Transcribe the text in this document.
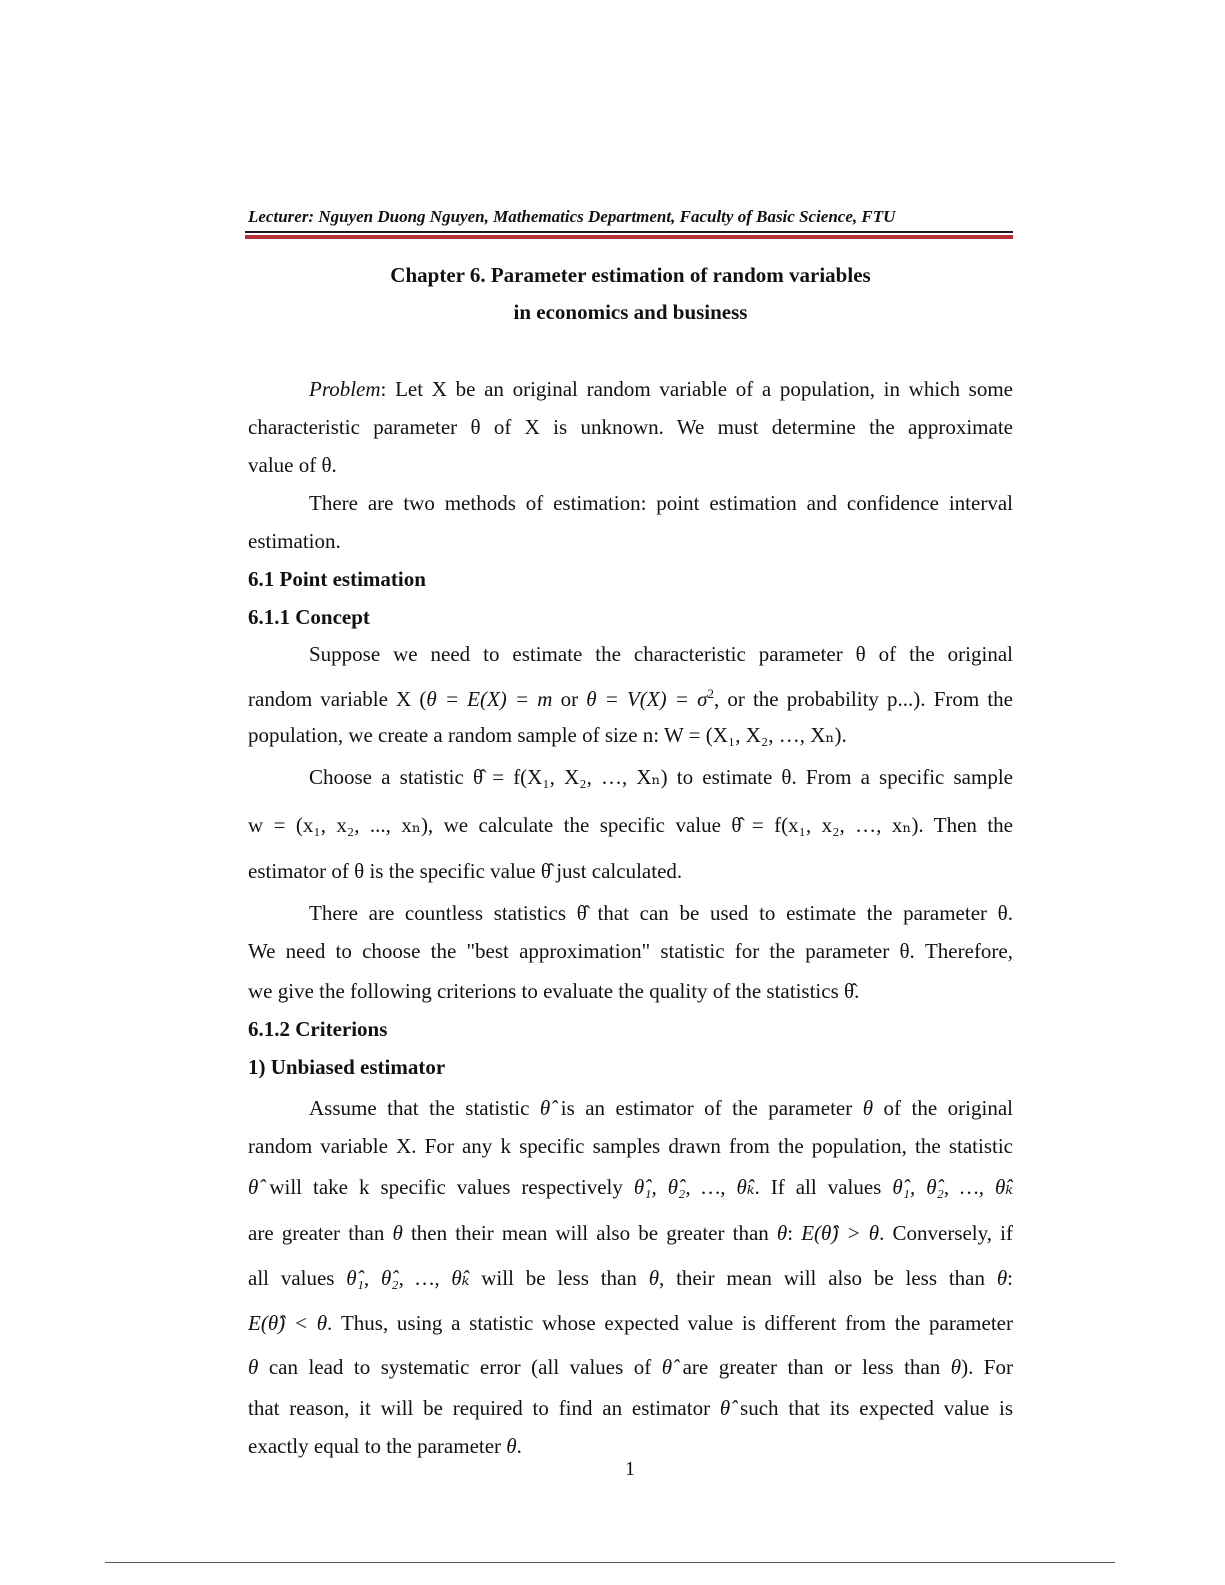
Lecturer: Nguyen Duong Nguyen, Mathematics Department, Faculty of Basic Science, FTU
Chapter 6. Parameter estimation of random variables
in economics and business
Problem: Let X be an original random variable of a population, in which some
characteristic parameter θ of X is unknown. We must determine the approximate
value of θ.
There are two methods of estimation: point estimation and confidence interval
estimation.
6.1 Point estimation
6.1.1 Concept
Suppose we need to estimate the characteristic parameter θ of the original
random variable X (θ = E(X) = m or $\theta = V(X) = \sigma^2$, or the probability p...). From the
population, we create a random sample of size n: W = (X₁, X₂, …, Xₙ).
Choose a statistic θ̂ = f(X₁, X₂, …, Xₙ) to estimate θ. From a specific sample
w = (x₁, x₂, ..., xₙ), we calculate the specific value θ̂ = f(x₁, x₂, …, xₙ). Then the
estimator of θ is the specific value θ̂ just calculated.
There are countless statistics θ̂ that can be used to estimate the parameter θ.
We need to choose the "best approximation" statistic for the parameter θ. Therefore,
we give the following criterions to evaluate the quality of the statistics θ̂.
6.1.2 Criterions
1) Unbiased estimator
Assume that the statistic θ̂ is an estimator of the parameter θ of the original
random variable X. For any k specific samples drawn from the population, the statistic
θ̂ will take k specific values respectively θ̂₁, θ̂₂, …, θ̂ₖ. If all values θ̂₁, θ̂₂, …, θ̂ₖ
are greater than θ then their mean will also be greater than θ: E(θ̂) > θ. Conversely, if
all values θ̂₁, θ̂₂, …, θ̂ₖ will be less than θ, their mean will also be less than θ:
E(θ̂) < θ. Thus, using a statistic whose expected value is different from the parameter
θ can lead to systematic error (all values of θ̂ are greater than or less than θ). For
that reason, it will be required to find an estimator θ̂ such that its expected value is
exactly equal to the parameter θ.
1
